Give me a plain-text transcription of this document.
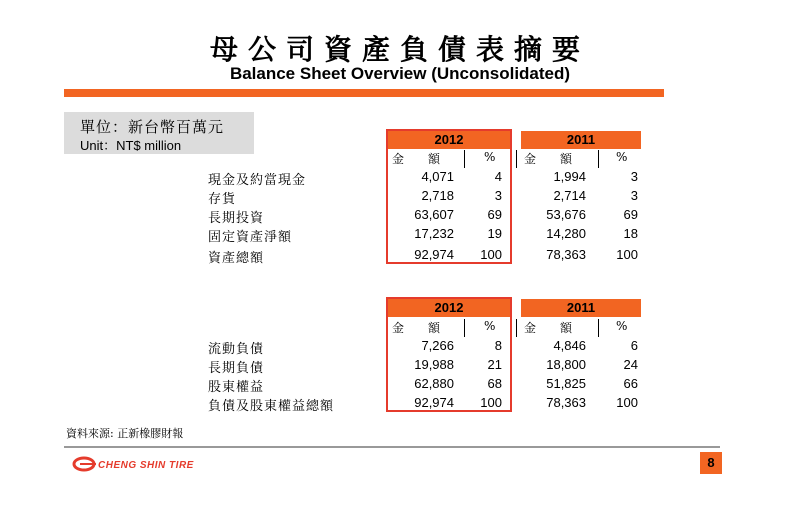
母公司資產負債表摘要
Balance Sheet Overview (Unconsolidated)
單位：新台幣百萬元
Unit：NT$ million	2012	2011
金　　額	% 金　　額	%
現金及約當現金	4,071	4	1,994	3
存貨	2,718	3	2,714	3
長期投資	63,607	69	53,676	69
固定資產淨額	17,232	19	14,280	18
資產總額	92,974	100	78,363	100
2012	2011
金　　額	% 金　　額	%
流動負債	7,266	8	4,846	6
長期負債	19,988	21	18,800	24
股東權益	62,880	68	51,825	66
負債及股東權益總額	92,974	100	78,363	100
資料來源: 正新橡膠財報
CHENG SHIN TIRE	8
